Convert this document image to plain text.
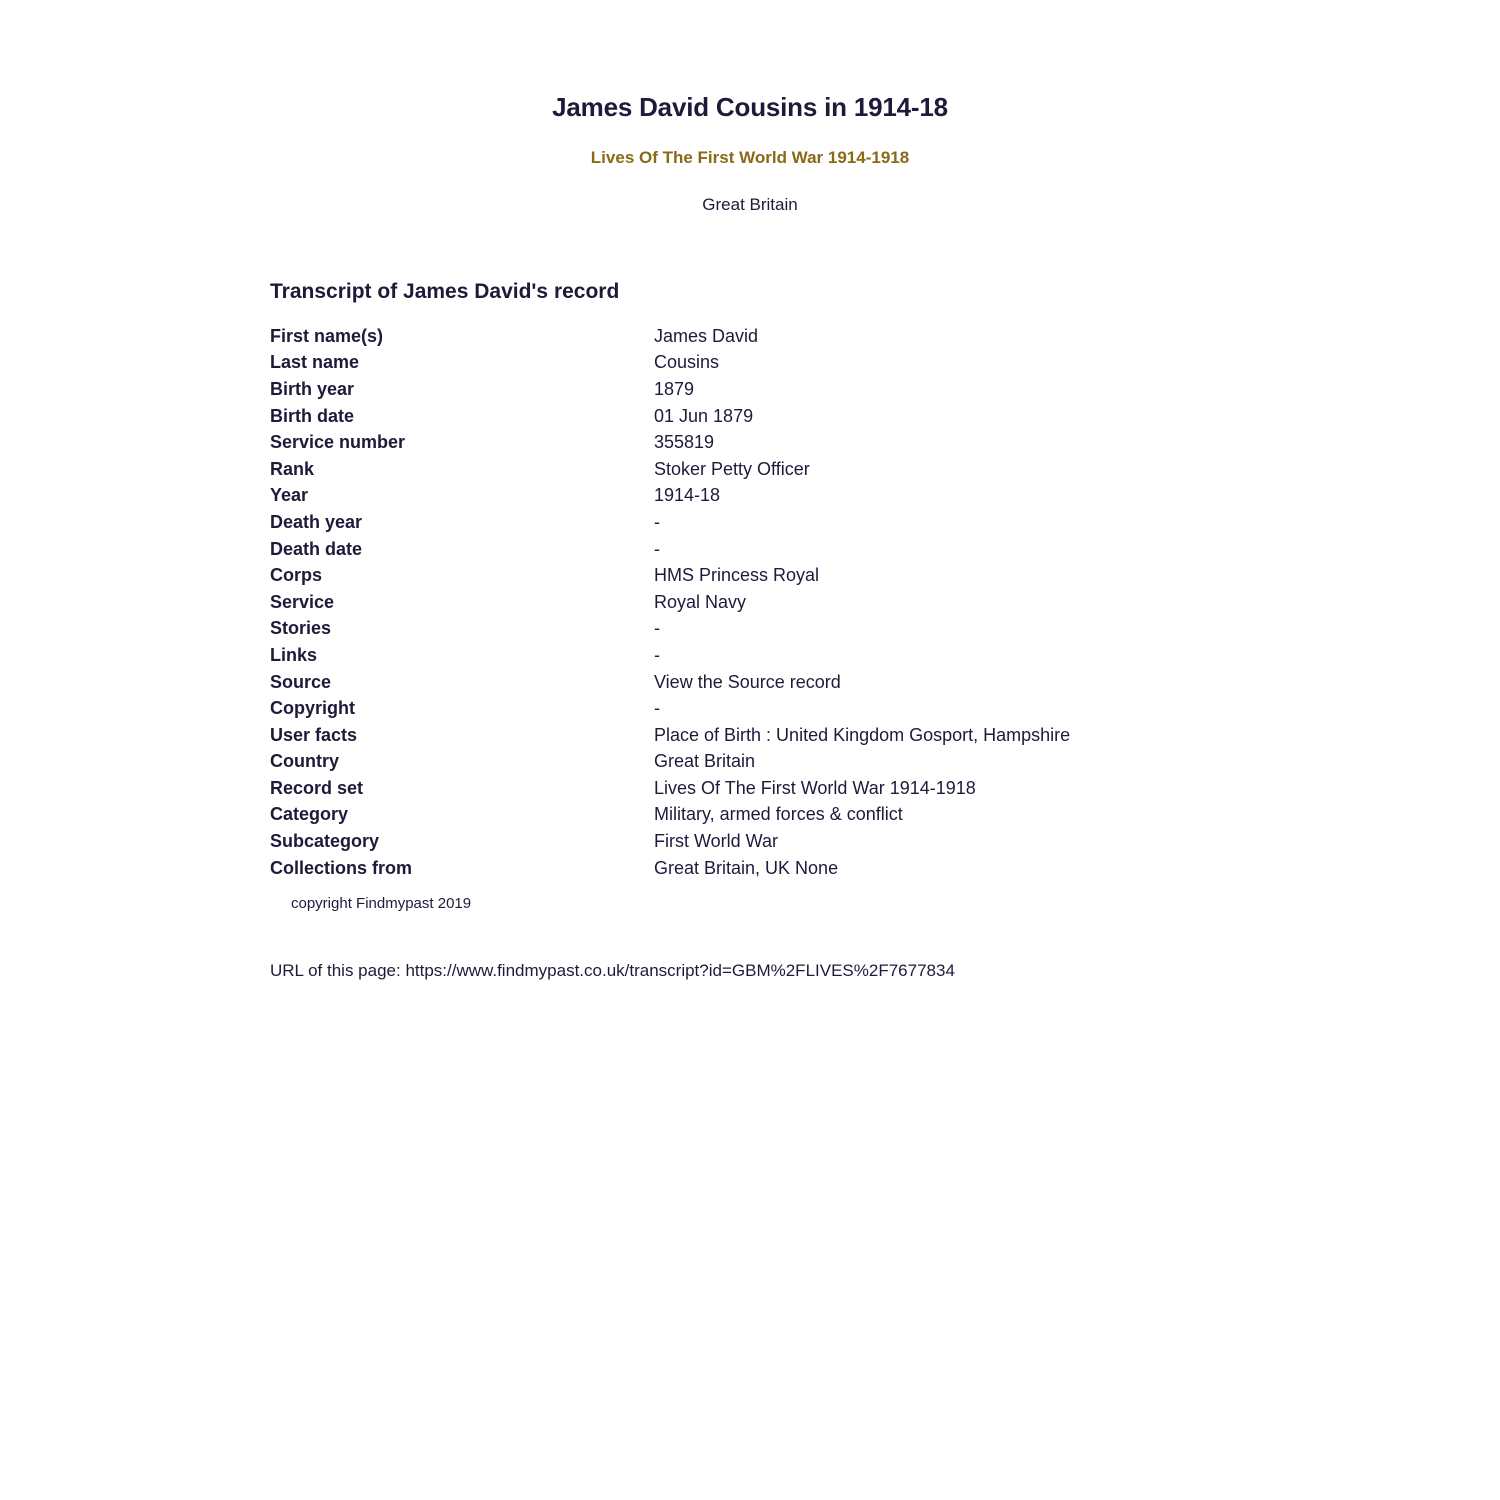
James David Cousins in 1914-18
Lives Of The First World War 1914-1918
Great Britain
Transcript of James David's record
First name(s)	James David
Last name	Cousins
Birth year	1879
Birth date	01 Jun 1879
Service number	355819
Rank	Stoker Petty Officer
Year	1914-18
Death year	-
Death date	-
Corps	HMS Princess Royal
Service	Royal Navy
Stories	-
Links	-
Source	View the Source record
Copyright	-
User facts	Place of Birth : United Kingdom Gosport, Hampshire
Country	Great Britain
Record set	Lives Of The First World War 1914-1918
Category	Military, armed forces & conflict
Subcategory	First World War
Collections from	Great Britain, UK None
copyright Findmypast 2019
URL of this page: https://www.findmypast.co.uk/transcript?id=GBM%2FLIVES%2F7677834
